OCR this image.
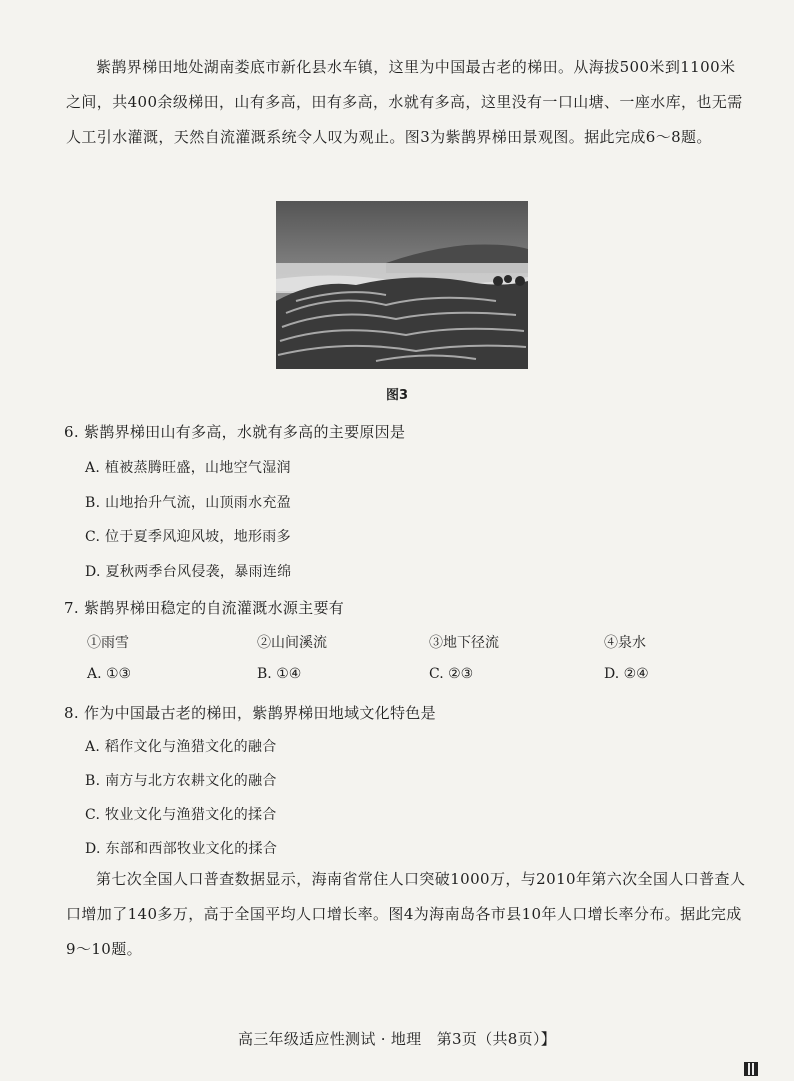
紫鹊界梯田地处湖南娄底市新化县水车镇，这里为中国最古老的梯田。从海拔500米到1100米之间，共400余级梯田，山有多高，田有多高，水就有多高，这里没有一口山塘、一座水库，也无需人工引水灌溉，天然自流灌溉系统令人叹为观止。图3为紫鹊界梯田景观图。据此完成6～8题。

图3
6. 紫鹊界梯田山有多高，水就有多高的主要原因是
A. 植被蒸腾旺盛，山地空气湿润
B. 山地抬升气流，山顶雨水充盈
C. 位于夏季风迎风坡，地形雨多
D. 夏秋两季台风侵袭，暴雨连绵
7. 紫鹊界梯田稳定的自流灌溉水源主要有
①雨雪	②山间溪流	③地下径流	④泉水
A. ①③	B. ①④	C. ②③	D. ②④
8. 作为中国最古老的梯田，紫鹊界梯田地域文化特色是
A. 稻作文化与渔猎文化的融合
B. 南方与北方农耕文化的融合
C. 牧业文化与渔猎文化的揉合
D. 东部和西部牧业文化的揉合

第七次全国人口普查数据显示，海南省常住人口突破1000万，与2010年第六次全国人口普查人口增加了140多万，高于全国平均人口增长率。图4为海南岛各市县10年人口增长率分布。据此完成9～10题。

高三年级适应性测试 · 地理　第3页（共8页）】
